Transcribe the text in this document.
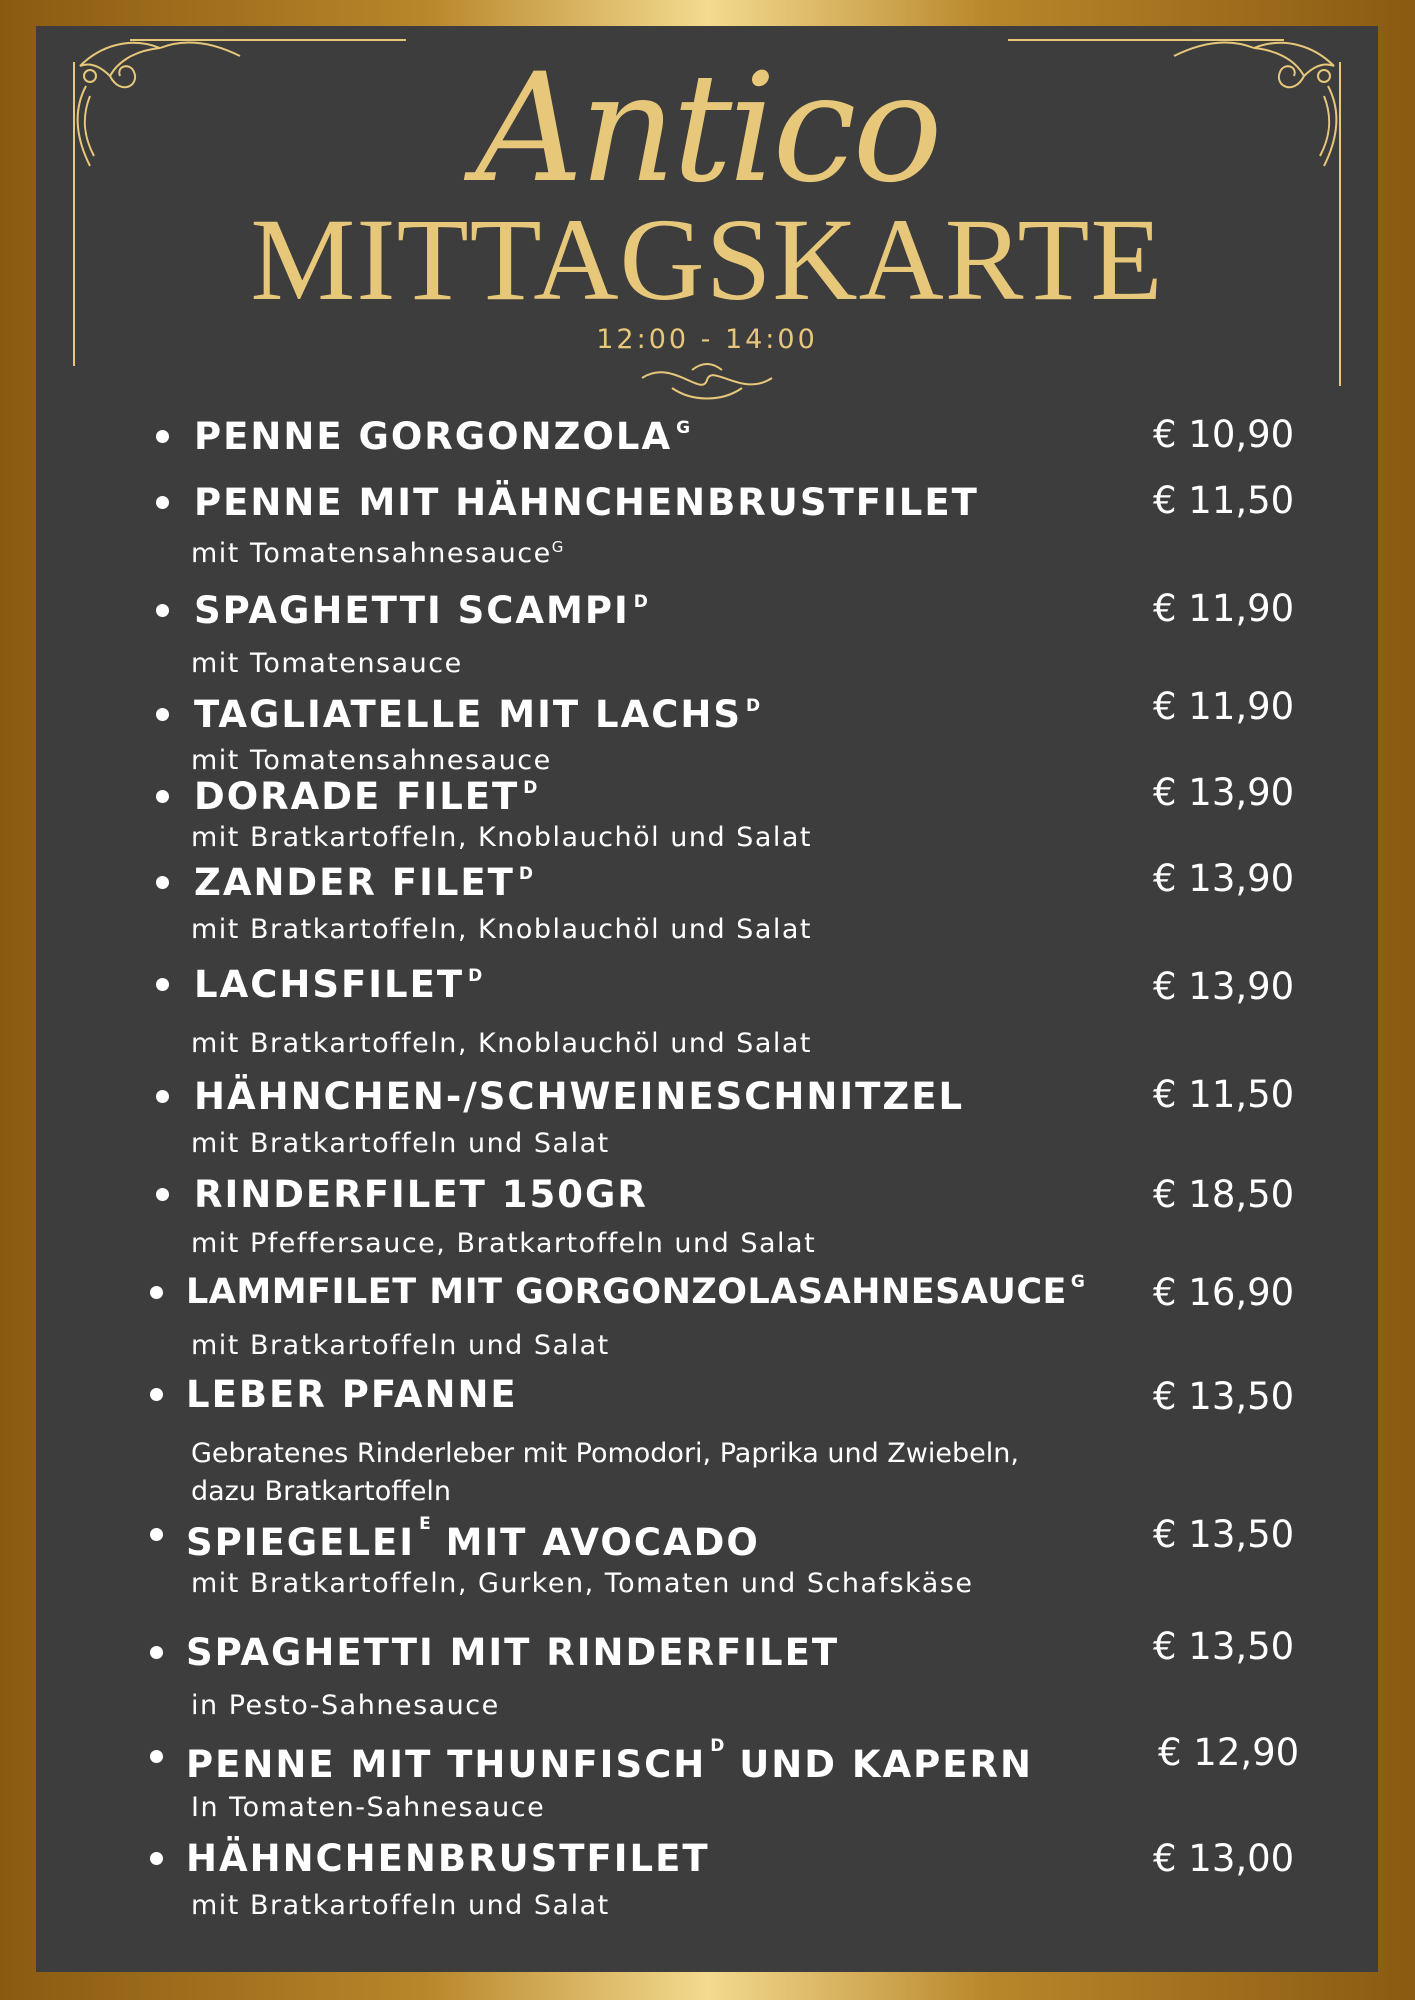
Antico
MITTAGSKARTE
12:00 - 14:00
PENNE GORGONZOLA $^G$	€ 10,90
PENNE MIT HÄHNCHENBRUSTFILET	€ 11,50
mit Tomatensahnesauce$^G$
SPAGHETTI SCAMPI $^D$	€ 11,90
mit Tomatensauce
TAGLIATELLE MIT LACHS $^D$	€ 11,90
mit Tomatensahnesauce
DORADE FILET $^D$	€ 13,90
mit Bratkartoffeln, Knoblauchöl und Salat
ZANDER FILET $^D$	€ 13,90
mit Bratkartoffeln, Knoblauchöl und Salat
LACHSFILET $^D$	€ 13,90
mit Bratkartoffeln, Knoblauchöl und Salat
HÄHNCHEN-/SCHWEINESCHNITZEL	€ 11,50
mit Bratkartoffeln und Salat
RINDERFILET 150GR	€ 18,50
mit Pfeffersauce, Bratkartoffeln und Salat
LAMMFILET MIT GORGONZOLASAHNESAUCE $^G$ € 16,90
mit Bratkartoffeln und Salat
LEBER PFANNE	€ 13,50
Gebratenes Rinderleber mit Pomodori, Paprika und Zwiebeln,
dazu Bratkartoffeln
SPIEGELEI $^E$ MIT AVOCADO	€ 13,50
mit Bratkartoffeln, Gurken, Tomaten und Schafskäse
SPAGHETTI MIT RINDERFILET	€ 13,50
in Pesto-Sahnesauce
PENNE MIT THUNFISCH $^D$ UND KAPERN	€ 12,90
In Tomaten-Sahnesauce
HÄHNCHENBRUSTFILET	€ 13,00
mit Bratkartoffeln und Salat
